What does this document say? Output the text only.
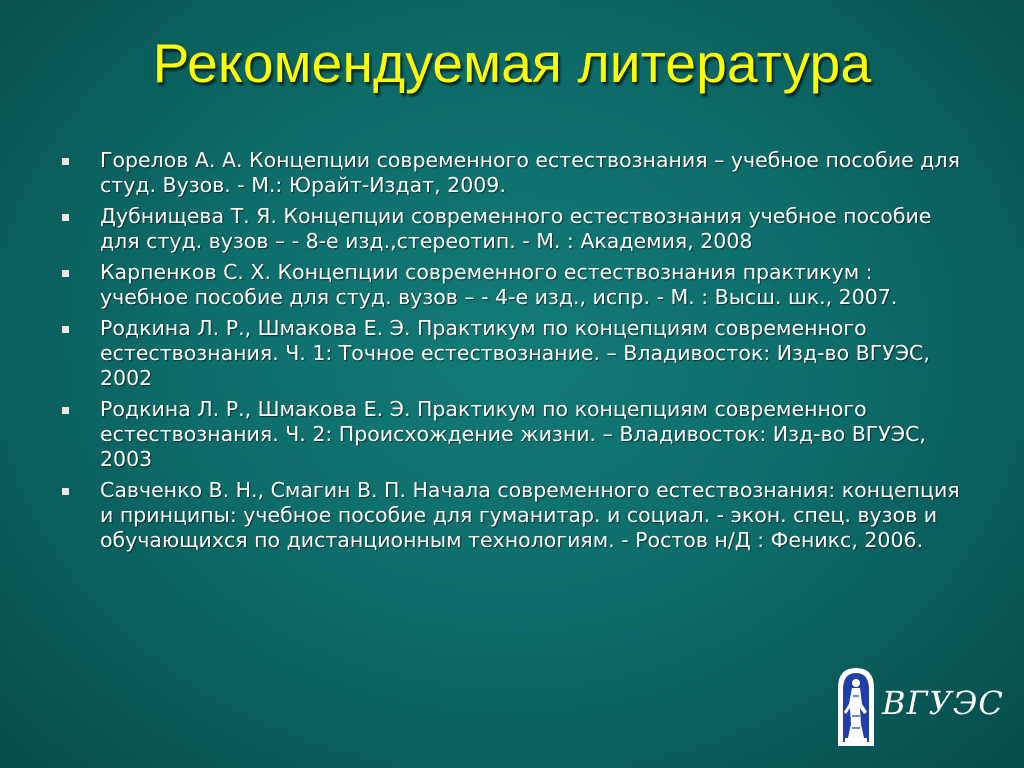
Рекомендуемая литература
Горелов А. А. Концепции современного естествознания – учебное пособие для студ. Вузов. - М.: Юрайт-Издат, 2009.
Дубнищева Т. Я. Концепции современного естествознания учебное пособие для студ. вузов – - 8-е изд.,стереотип. - М. : Академия, 2008
Карпенков С. Х. Концепции современного естествознания практикум : учебное пособие для студ. вузов – - 4-е изд., испр. - М. : Высш. шк., 2007.
Родкина Л. Р., Шмакова Е. Э. Практикум по концепциям современного естествознания. Ч. 1: Точное естествознание. – Владивосток: Изд-во ВГУЭС, 2002
Родкина Л. Р., Шмакова Е. Э. Практикум по концепциям современного естествознания. Ч. 2: Происхождение жизни. – Владивосток: Изд-во ВГУЭС, 2003
Савченко В. Н., Смагин В. П. Начала современного естествознания: концепция и принципы: учебное пособие для гуманитар. и социал. - экон. спец. вузов и обучающихся по дистанционным технологиям. - Ростов н/Д : Феникс, 2006.
ВГУЭС
